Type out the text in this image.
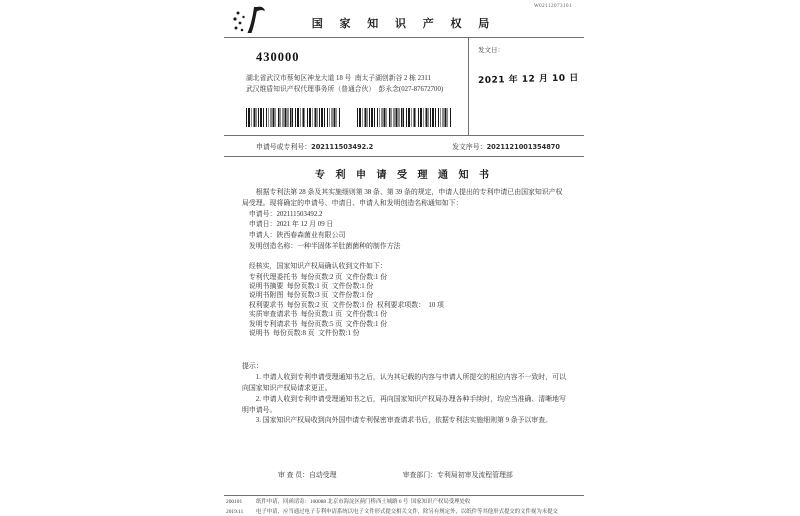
W02112073101
国 家 知 识 产 权 局
430000
湖北省武汉市蔡甸区神龙大道 18 号  南太子湖创新谷 2 栋 2311
武汉维盾知识产权代理事务所（普通合伙）  彭永念(027-87672700)
发文日：
2021 年 12 月 10 日
申请号或专利号：202111503492.2	发文序号：2021121001354870
专 利 申 请 受 理 通 知 书

根据专利法第 28 条及其实施细则第 38 条、第 39 条的规定，申请人提出的专利申请已由国家知识产权局受理。现将确定的申请号、申请日、申请人和发明创造名称通知如下：

申请号：202111503492.2
申请日：2021 年 12 月 09 日
申请人：陕西春森菌业有限公司
发明创造名称：一种半固体羊肚菌菌种的制作方法
经核实，国家知识产权局确认收到文件如下：
专利代理委托书  每份页数:2 页  文件份数:1 份
说明书摘要  每份页数:1 页  文件份数:1 份
说明书附图  每份页数:3 页  文件份数:1 份
权利要求书  每份页数:2 页  文件份数:1 份  权利要求项数：  10 项
实质审查请求书  每份页数:1 页  文件份数:1 份
发明专利请求书  每份页数:5 页  文件份数:1 份
说明书  每份页数:8 页  文件份数:1 份
提示：

1. 申请人收到专利申请受理通知书之后，认为其记载的内容与申请人所提交的相应内容不一致时，可以向国家知识产权局请求更正。

2. 申请人收到专利申请受理通知书之后，再向国家知识产权局办理各种手续时，均应当准确、清晰地写明申请号。

3. 国家知识产权局收到向外国申请专利保密审查请求书后，依据专利法实施细则第 9 条予以审查。

审 查 员：自动受理	审查部门：专利局初审及流程管理部
200101	纸件申请，回函请寄：100088 北京市海淀区蓟门桥西土城路 6 号  国家知识产权局受理处收
2019.11	电子申请，应当通过电子专利申请系统以电子文件形式提交相关文件，除另有规定外，以纸件等其他形式提交的文件视为未提交
